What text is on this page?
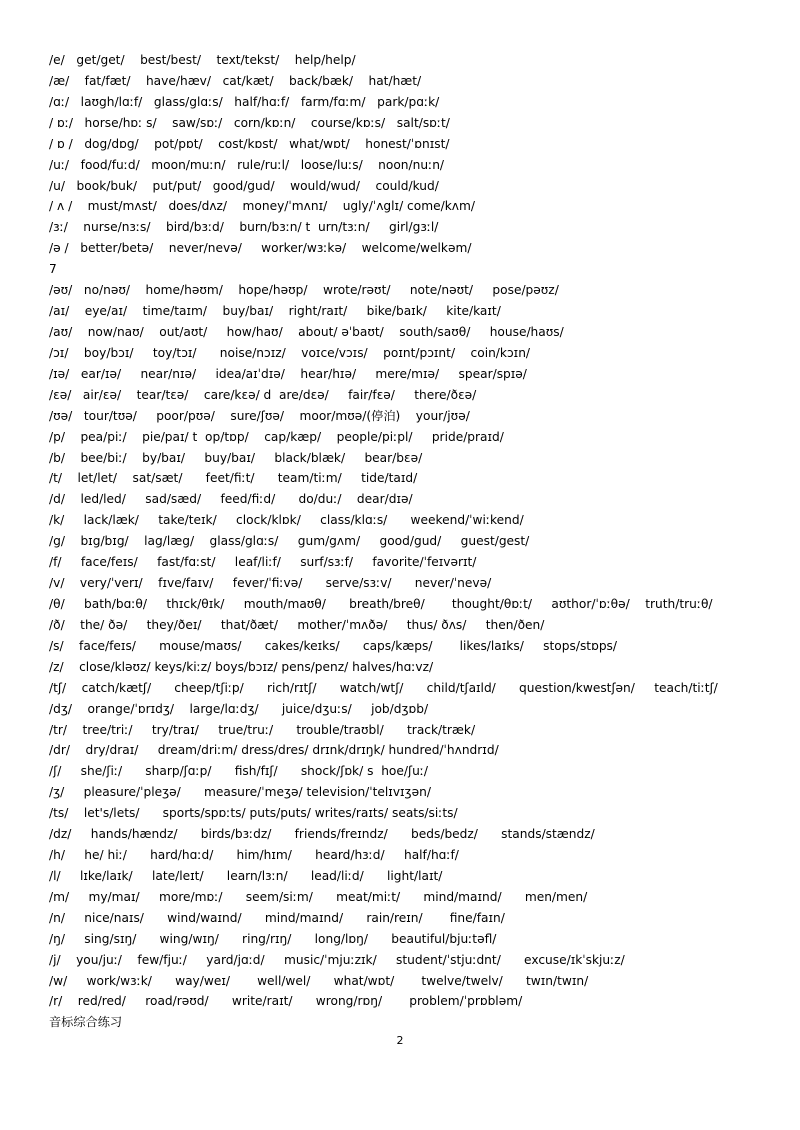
/e/   get/get/    best/best/    text/tekst/    help/help/
/æ/    fat/fæt/    have/hæv/   cat/kæt/    back/bæk/    hat/hæt/
/ɑː/   laʊgh/lɑːf/   glass/glɑːs/   half/hɑːf/   farm/fɑːm/   park/pɑːk/
/ ɒː/   horse/hɒː s/    saw/sɒː/   corn/kɒːn/    course/kɒːs/   salt/sɒːt/
/ ɒ /   dog/dɒg/    pot/pɒt/    cost/kɒst/   what/wɒt/    honest/ˈɒnɪst/
/uː/   food/fuːd/   moon/muːn/   rule/ruːl/   loose/luːs/    noon/nuːn/
/u/   book/buk/    put/put/   good/gud/    would/wud/    could/kud/
/ ʌ /    must/mʌst/   does/dʌz/    money/ˈmʌnɪ/    ugly/ˈʌglɪ/ come/kʌm/
/ɜː/    nurse/nɜːs/    bird/bɜːd/    burn/bɜːn/ t  urn/tɜːn/     girl/gɜːl/
/ə /   better/betə/    never/nevə/     worker/wɜːkə/    welcome/welkəm/
7
/əʊ/   no/nəʊ/    home/həʊm/    hope/həʊp/    wrote/rəʊt/     note/nəʊt/     pose/pəʊz/
/aɪ/    eye/aɪ/    time/taɪm/    buy/baɪ/    right/raɪt/     bike/baɪk/     kite/kaɪt/
/aʊ/    now/naʊ/    out/aʊt/     how/haʊ/    about/ əˈbaʊt/    south/saʊθ/     house/haʊs/
/ɔɪ/    boy/bɔɪ/     toy/tɔɪ/      noise/nɔɪz/    voɪce/vɔɪs/    poɪnt/pɔɪnt/    coin/kɔɪn/
/ɪə/   ear/ɪə/     near/nɪə/     idea/aɪˈdɪə/    hear/hɪə/     mere/mɪə/     spear/spɪə/
/ɛə/   air/ɛə/    tear/tɛə/    care/kɛə/ d  are/dɛə/     fair/fɛə/     there/ðɛə/
/ʊə/   tour/tʊə/     poor/pʊə/    sure/ʃʊə/    moor/mʊə/(停泊)    your/jʊə/
/p/    pea/piː/    pie/paɪ/ t  op/tɒp/    cap/kæp/    people/piːpl/     pride/praɪd/
/b/    bee/biː/    by/baɪ/     buy/baɪ/     black/blæk/     bear/bɛə/
/t/    let/let/    sat/sæt/      feet/fiːt/      team/tiːm/     tide/taɪd/
/d/    led/led/     sad/sæd/     feed/fiːd/      do/duː/    dear/dɪə/
/k/     lack/læk/     take/teɪk/     clock/klɒk/     class/klɑːs/      weekend/ˈwiːkend/
/g/    bɪg/bɪg/    lag/læg/    glass/glɑːs/     gum/gʌm/     good/gud/     guest/gest/
/f/     face/feɪs/     fast/fɑːst/     leaf/liːf/     surf/sɜːf/     favorite/ˈfeɪvərɪt/
/v/    very/ˈverɪ/    fɪve/faɪv/     fever/ˈfiːvə/      serve/sɜːv/      never/ˈnevə/
/θ/     bath/bɑːθ/     thɪck/θɪk/     mouth/maʊθ/      breath/breθ/       thought/θɒːt/     aʊthor/ˈɒːθə/    truth/truːθ/
/ð/    the/ ðə/     they/ðeɪ/     that/ðæt/     mother/ˈmʌðə/     thus/ ðʌs/     then/ðen/
/s/    face/feɪs/      mouse/maʊs/      cakes/keɪks/      caps/kæps/       likes/laɪks/     stops/stɒps/
/z/    close/kləʊz/ keys/kiːz/ boys/bɔɪz/ pens/penz/ halves/hɑːvz/
/tʃ/    catch/kætʃ/      cheep/tʃiːp/      rich/rɪtʃ/      watch/wtʃ/      child/tʃaɪld/      question/kwestʃən/     teach/tiːtʃ/
/dʒ/    orange/ˈɒrɪdʒ/    large/lɑːdʒ/      juice/dʒuːs/     job/dʒɒb/
/tr/    tree/triː/     try/traɪ/     true/truː/      trouble/traʊbl/      track/træk/
/dr/    dry/draɪ/     dream/driːm/ dress/dres/ drɪnk/drɪŋk/ hundred/ˈhʌndrɪd/
/ʃ/     she/ʃiː/      sharp/ʃɑːp/      fish/fɪʃ/      shock/ʃɒk/ s  hoe/ʃuː/
/ʒ/     pleasure/ˈpleʒə/      measure/ˈmeʒə/ television/ˈtelɪvɪʒən/
/ts/    let's/lets/      sports/spɒːts/ puts/puts/ writes/raɪts/ seats/siːts/
/dz/     hands/hændz/      birds/bɜːdz/      friends/freɪndz/      beds/bedz/      stands/stændz/
/h/     he/ hiː/      hard/hɑːd/      him/hɪm/      heard/hɜːd/     half/hɑːf/
/l/     lɪke/laɪk/     late/leɪt/      learn/lɜːn/      lead/liːd/      light/laɪt/
/m/     my/maɪ/     more/mɒː/      seem/siːm/      meat/miːt/      mind/maɪnd/      men/men/
/n/     nice/naɪs/      wind/waɪnd/      mind/maɪnd/      rain/reɪn/       fine/faɪn/
/ŋ/     sing/sɪŋ/      wing/wɪŋ/      ring/rɪŋ/      long/lɒŋ/      beautiful/bjuːtəfl/
/j/    you/juː/    few/fjuː/     yard/jɑːd/     music/ˈmjuːzɪk/     student/ˈstjuːdnt/      excuse/ɪkˈskjuːz/
/w/     work/wɜːk/      way/weɪ/       well/wel/      what/wɒt/       twelve/twelv/      twɪn/twɪn/
/r/    red/red/     road/rəʊd/      write/raɪt/      wrong/rɒŋ/       problem/ˈprɒbləm/
音标综合练习
2
